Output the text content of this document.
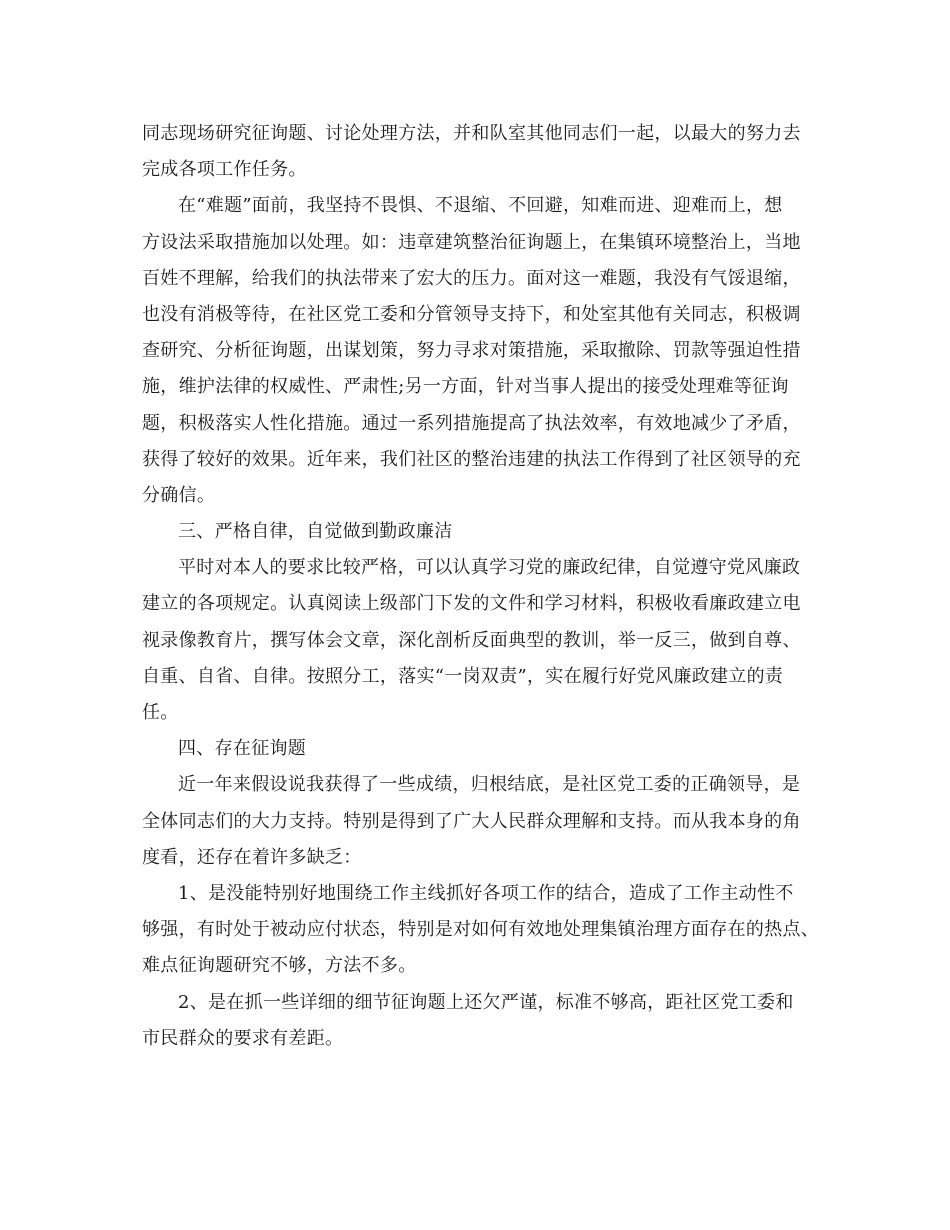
同志现场研究征询题、讨论处理方法，并和队室其他同志们一起，以最大的努力去
完成各项工作任务。
在“难题”面前，我坚持不畏惧、不退缩、不回避，知难而进、迎难而上，想
方设法采取措施加以处理。如：违章建筑整治征询题上，在集镇环境整治上，当地
百姓不理解，给我们的执法带来了宏大的压力。面对这一难题，我没有气馁退缩，
也没有消极等待，在社区党工委和分管领导支持下，和处室其他有关同志，积极调
查研究、分析征询题，出谋划策，努力寻求对策措施，采取撤除、罚款等强迫性措
施，维护法律的权威性、严肃性;另一方面，针对当事人提出的接受处理难等征询
题，积极落实人性化措施。通过一系列措施提高了执法效率，有效地减少了矛盾，
获得了较好的效果。近年来，我们社区的整治违建的执法工作得到了社区领导的充
分确信。
三、严格自律，自觉做到勤政廉洁
平时对本人的要求比较严格，可以认真学习党的廉政纪律，自觉遵守党风廉政
建立的各项规定。认真阅读上级部门下发的文件和学习材料，积极收看廉政建立电
视录像教育片，撰写体会文章，深化剖析反面典型的教训，举一反三，做到自尊、
自重、自省、自律。按照分工，落实“一岗双责”，实在履行好党风廉政建立的责
任。
四、存在征询题
近一年来假设说我获得了一些成绩，归根结底，是社区党工委的正确领导，是
全体同志们的大力支持。特别是得到了广大人民群众理解和支持。而从我本身的角
度看，还存在着许多缺乏：
1、是没能特别好地围绕工作主线抓好各项工作的结合，造成了工作主动性不
够强，有时处于被动应付状态，特别是对如何有效地处理集镇治理方面存在的热点、
难点征询题研究不够，方法不多。
2、是在抓一些详细的细节征询题上还欠严谨，标准不够高，距社区党工委和
市民群众的要求有差距。
